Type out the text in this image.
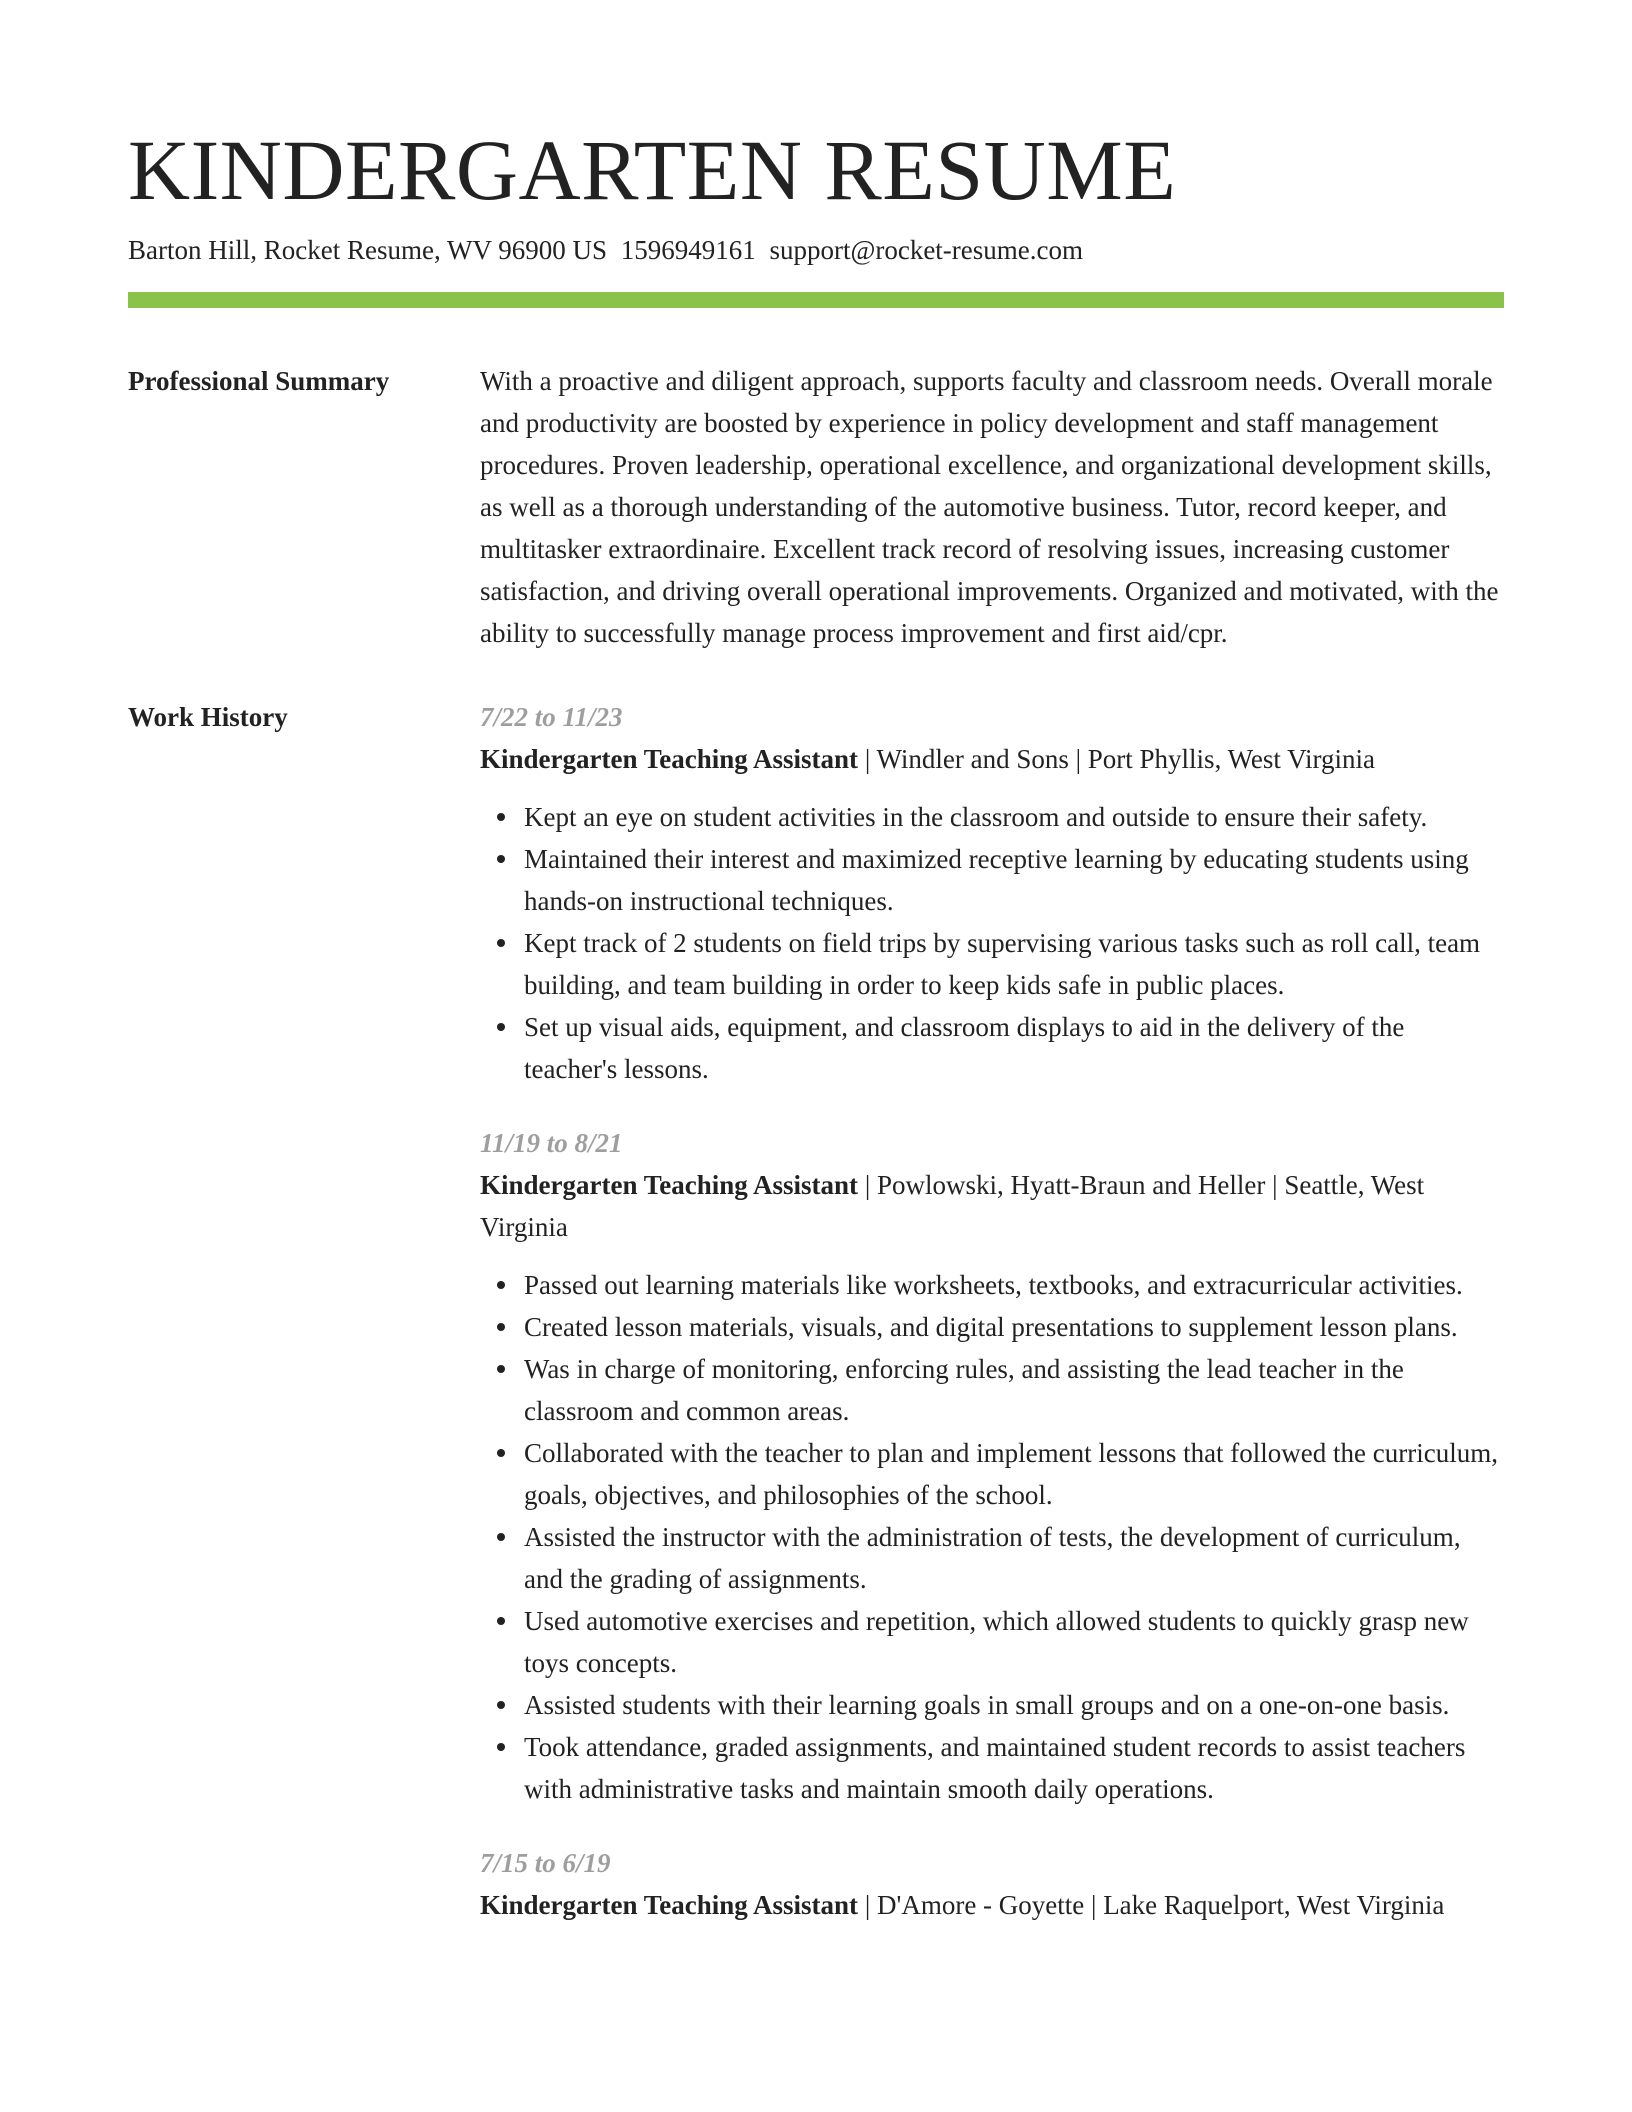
KINDERGARTEN RESUME
Barton Hill, Rocket Resume, WV 96900 US 1596949161 support@rocket-resume.com
Professional Summary	With a proactive and diligent approach, supports faculty and classroom needs. Overall morale and productivity are boosted by experience in policy development and staff management procedures. Proven leadership, operational excellence, and organizational development skills, as well as a thorough understanding of the automotive business. Tutor, record keeper, and multitasker extraordinaire. Excellent track record of resolving issues, increasing customer satisfaction, and driving overall operational improvements. Organized and motivated, with the ability to successfully manage process improvement and first aid/cpr.

Work History	7/22 to 11/23
Kindergarten Teaching Assistant | Windler and Sons | Port Phyllis, West Virginia
Kept an eye on student activities in the classroom and outside to ensure their safety.
Maintained their interest and maximized receptive learning by educating students using hands-on instructional techniques.
Kept track of 2 students on field trips by supervising various tasks such as roll call, team building, and team building in order to keep kids safe in public places.
Set up visual aids, equipment, and classroom displays to aid in the delivery of the teacher's lessons.
11/19 to 8/21
Kindergarten Teaching Assistant | Powlowski, Hyatt-Braun and Heller | Seattle, West Virginia
Passed out learning materials like worksheets, textbooks, and extracurricular activities.
Created lesson materials, visuals, and digital presentations to supplement lesson plans.
Was in charge of monitoring, enforcing rules, and assisting the lead teacher in the classroom and common areas.
Collaborated with the teacher to plan and implement lessons that followed the curriculum, goals, objectives, and philosophies of the school.
Assisted the instructor with the administration of tests, the development of curriculum, and the grading of assignments.
Used automotive exercises and repetition, which allowed students to quickly grasp new toys concepts.
Assisted students with their learning goals in small groups and on a one-on-one basis.
Took attendance, graded assignments, and maintained student records to assist teachers with administrative tasks and maintain smooth daily operations.
7/15 to 6/19
Kindergarten Teaching Assistant | D'Amore - Goyette | Lake Raquelport, West Virginia
